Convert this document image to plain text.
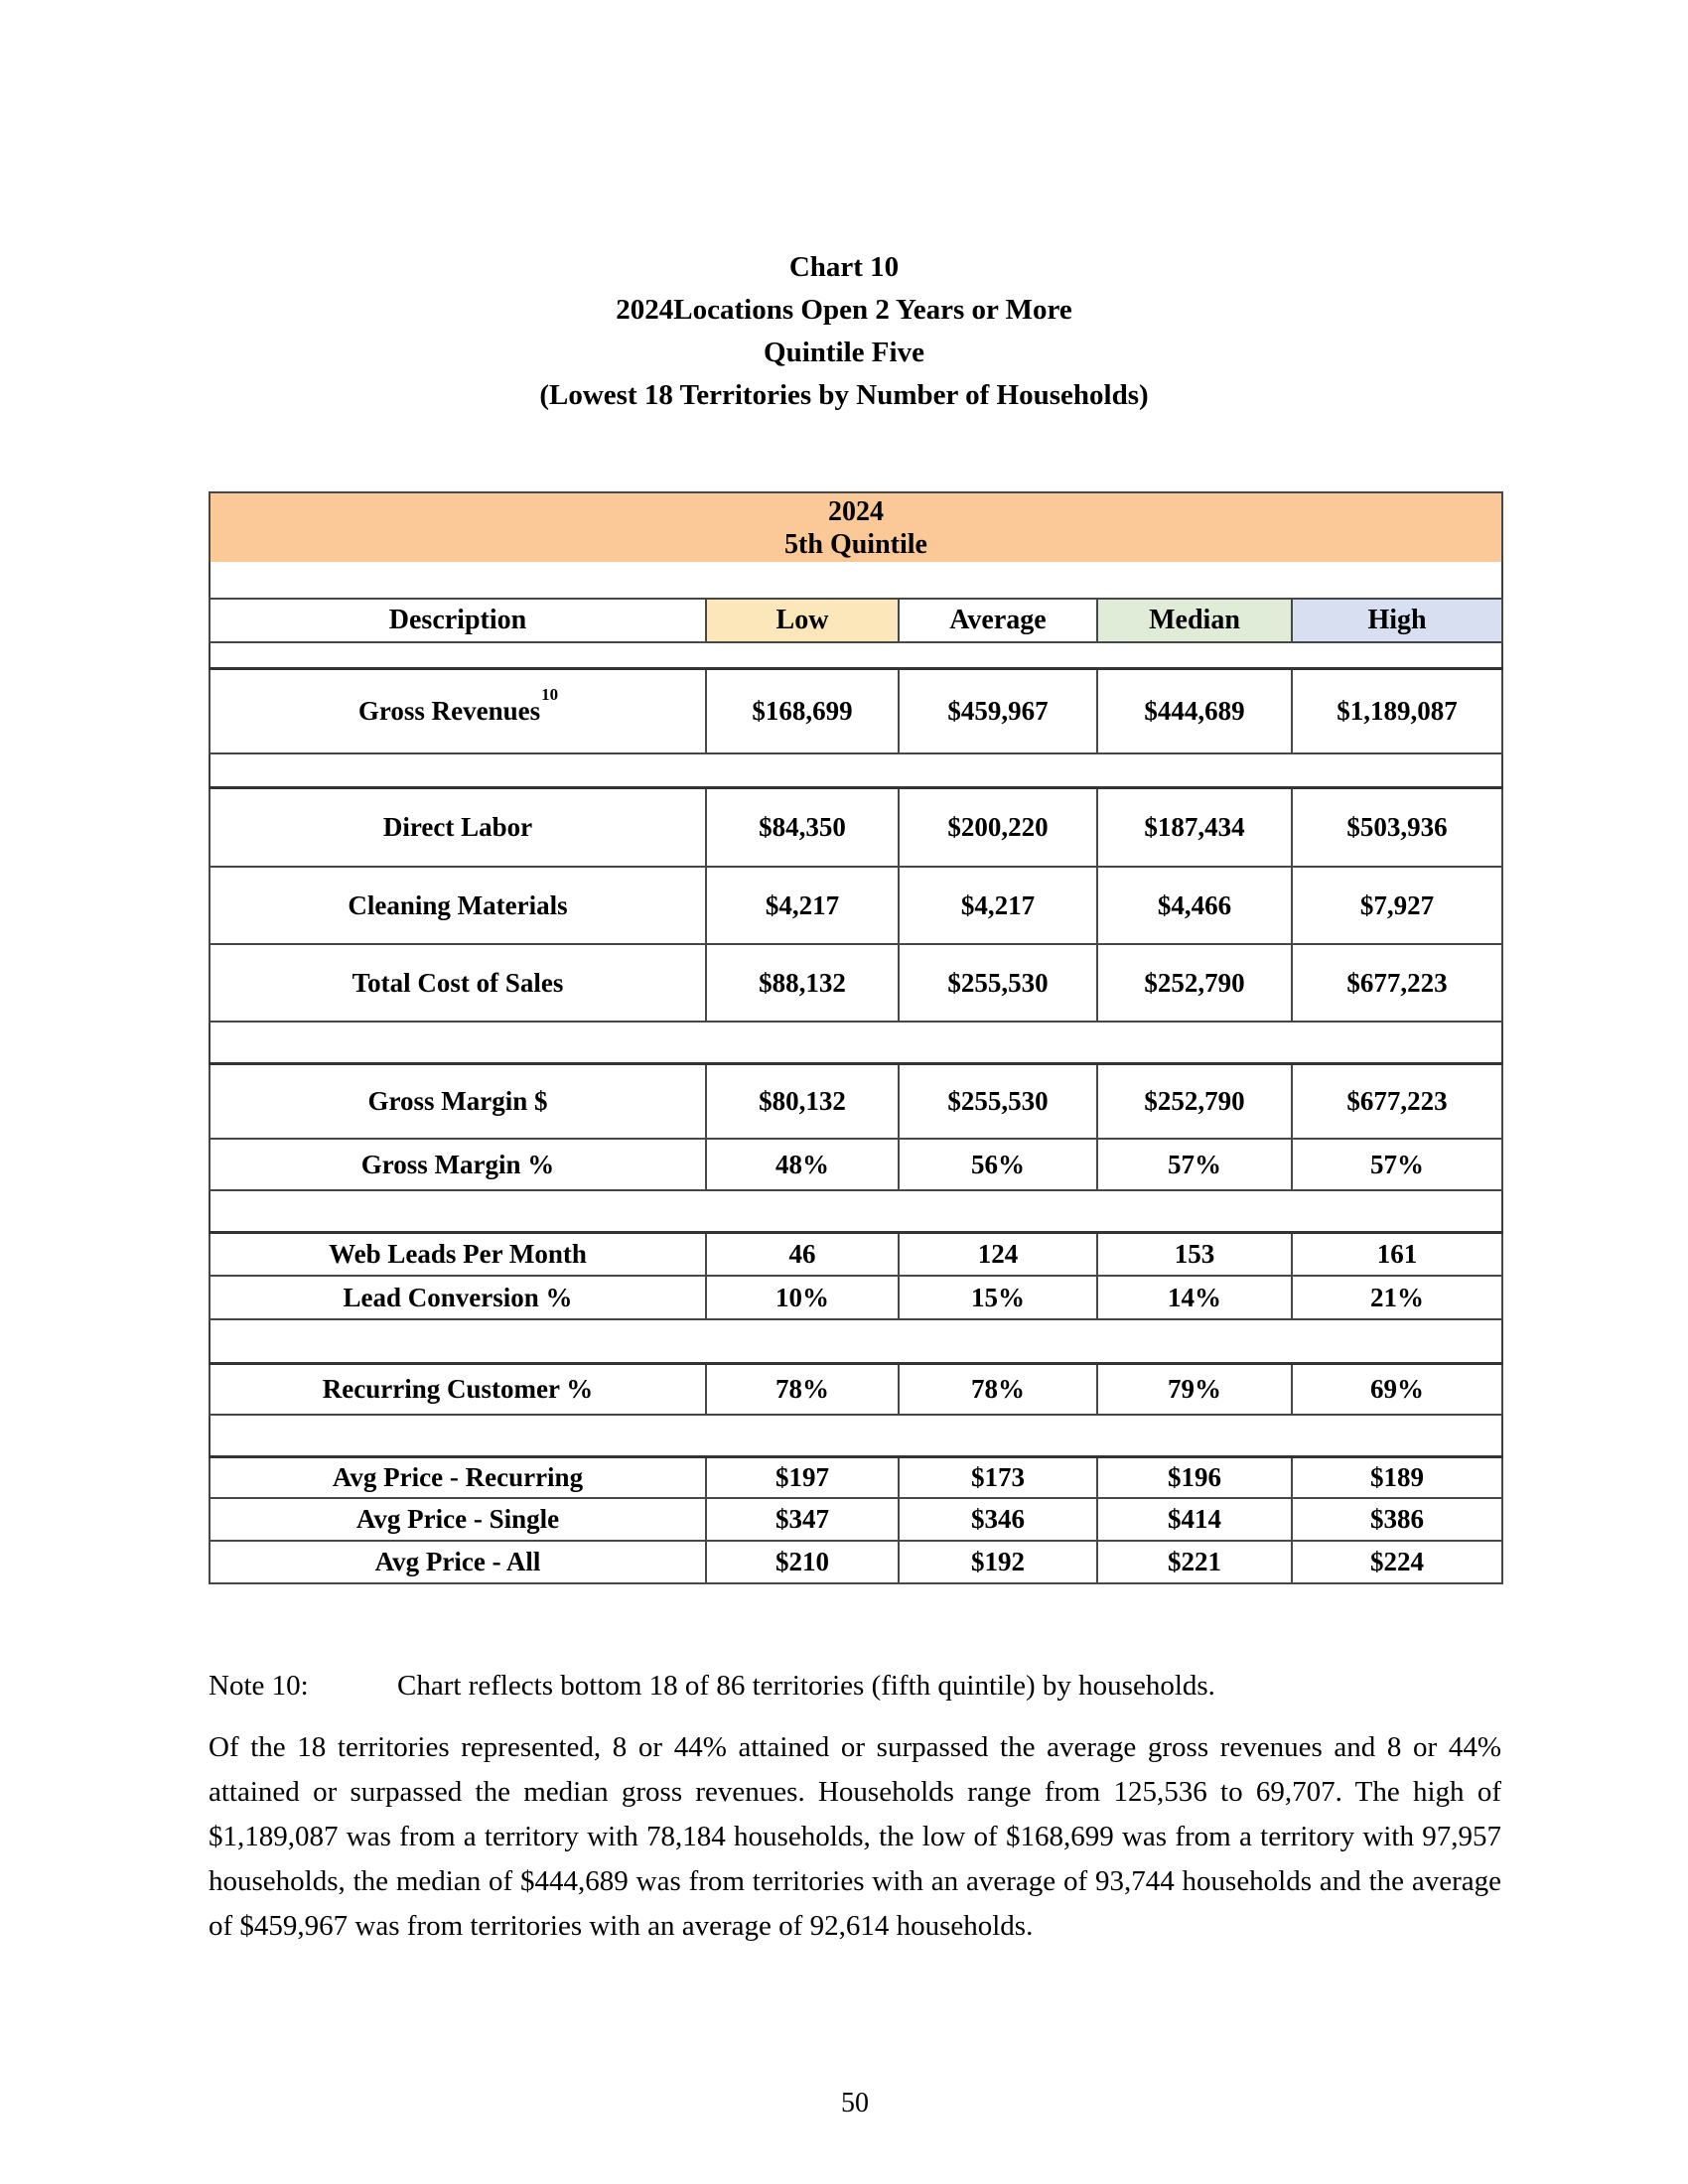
Chart 10
2024Locations Open 2 Years or More
Quintile Five
(Lowest 18 Territories by Number of Households)
2024
5th Quintile				

Description	Low	Average	Median	High

Gross Revenues$^{10}$	$168,699	$459,967	$444,689	$1,189,087

Direct Labor	$84,350	$200,220	$187,434	$503,936
Cleaning Materials	$4,217	$4,217	$4,466	$7,927
Total Cost of Sales	$88,132	$255,530	$252,790	$677,223

Gross Margin $	$80,132	$255,530	$252,790	$677,223
Gross Margin %	48%	56%	57%	57%

Web Leads Per Month	46	124	153	161
Lead Conversion %	10%	15%	14%	21%

Recurring Customer %	78%	78%	79%	69%

Avg Price - Recurring	$197	$173	$196	$189
Avg Price - Single	$347	$346	$414	$386
Avg Price - All	$210	$192	$221	$224
Note 10:	Chart reflects bottom 18 of 86 territories (fifth quintile) by households.

Of the 18 territories represented, 8 or 44% attained or surpassed the average gross revenues and 8 or 44% attained or surpassed the median gross revenues. Households range from 125,536 to 69,707. The high of $1,189,087 was from a territory with 78,184 households, the low of $168,699 was from a territory with 97,957 households, the median of $444,689 was from territories with an average of 93,744 households and the average of $459,967 was from territories with an average of 92,614 households.

50
